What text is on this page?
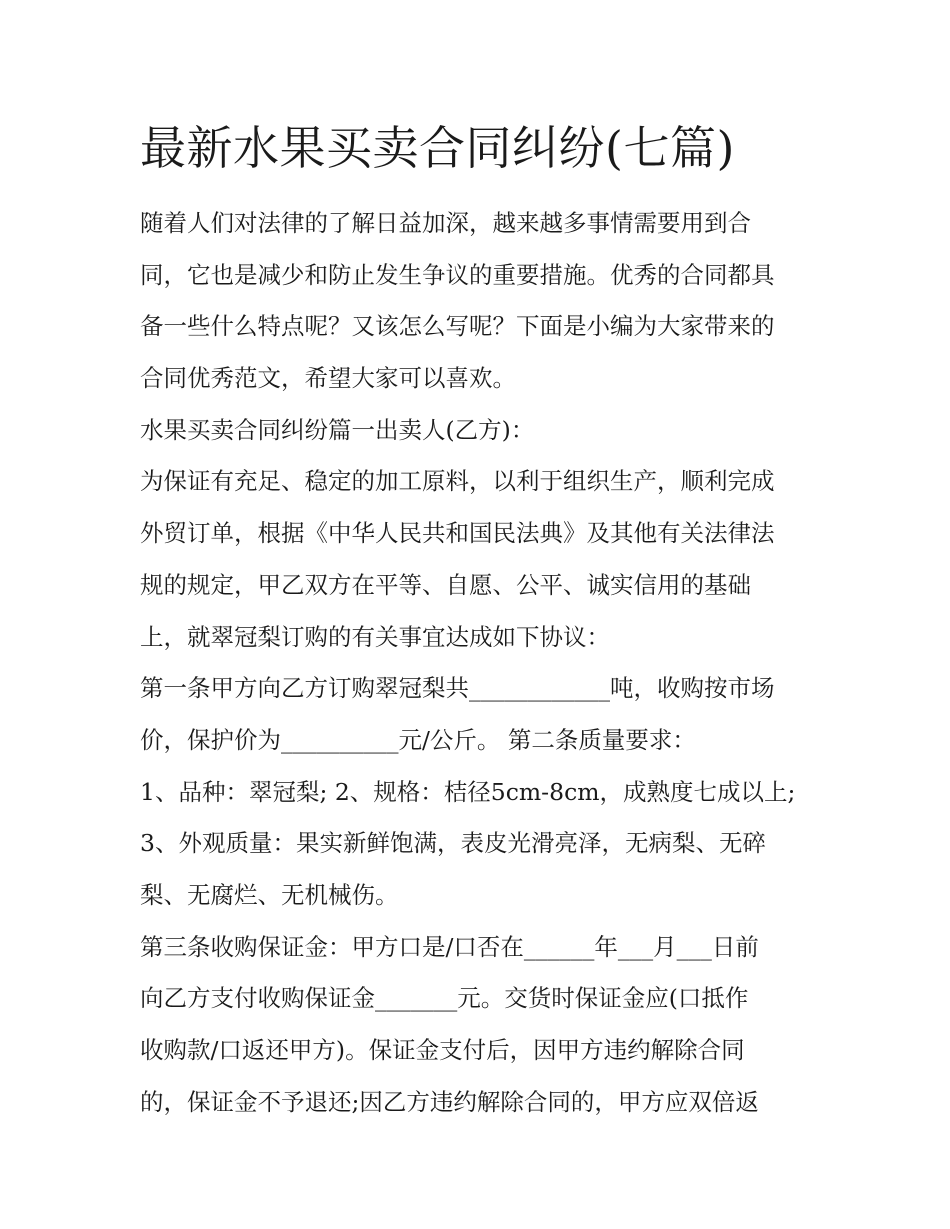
最新水果买卖合同纠纷(七篇)
随着人们对法律的了解日益加深，越来越多事情需要用到合
同，它也是减少和防止发生争议的重要措施。优秀的合同都具
备一些什么特点呢？又该怎么写呢？下面是小编为大家带来的
合同优秀范文，希望大家可以喜欢。
水果买卖合同纠纷篇一出卖人(乙方)：
为保证有充足、稳定的加工原料，以利于组织生产，顺利完成
外贸订单，根据《中华人民共和国民法典》及其他有关法律法
规的规定，甲乙双方在平等、自愿、公平、诚实信用的基础
上，就翠冠梨订购的有关事宜达成如下协议：
第一条甲方向乙方订购翠冠梨共____________吨，收购按市场
价，保护价为__________元/公斤。 第二条质量要求：
1、品种：翠冠梨; 2、规格：桔径5cm-8cm，成熟度七成以上;
3、外观质量：果实新鲜饱满，表皮光滑亮泽，无病梨、无碎
梨、无腐烂、无机械伤。
第三条收购保证金：甲方口是/口否在______年___月___日前
向乙方支付收购保证金_______元。交货时保证金应(口抵作
收购款/口返还甲方)。保证金支付后，因甲方违约解除合同
的，保证金不予退还;因乙方违约解除合同的，甲方应双倍返
